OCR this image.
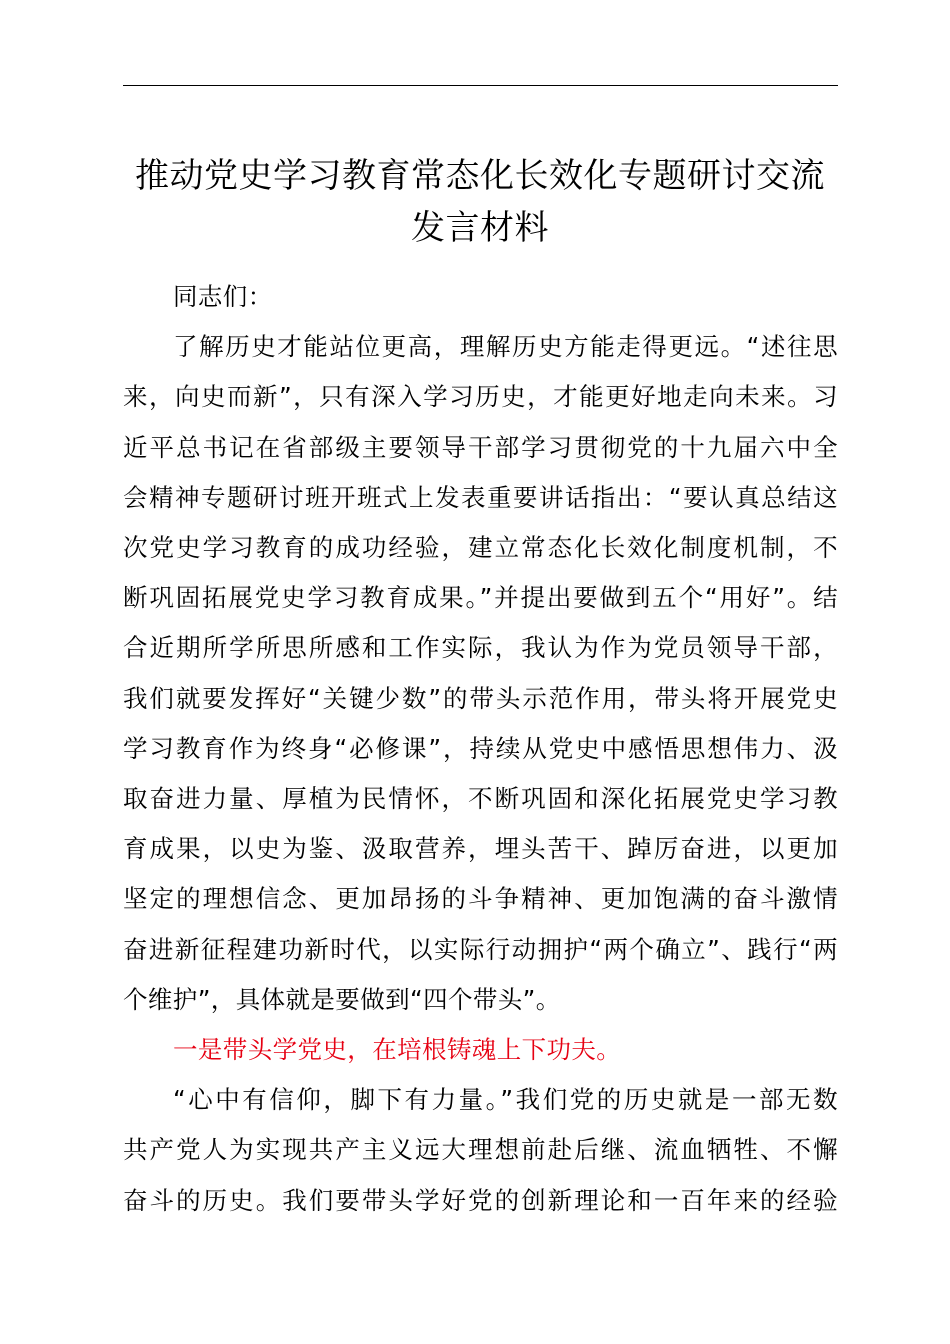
推动党史学习教育常态化长效化专题研讨交流
发言材料
同志们：
了解历史才能站位更高，理解历史方能走得更远。“述往思
来，向史而新”，只有深入学习历史，才能更好地走向未来。习
近平总书记在省部级主要领导干部学习贯彻党的十九届六中全
会精神专题研讨班开班式上发表重要讲话指出：“要认真总结这
次党史学习教育的成功经验，建立常态化长效化制度机制，不
断巩固拓展党史学习教育成果。”并提出要做到五个“用好”。结
合近期所学所思所感和工作实际，我认为作为党员领导干部，
我们就要发挥好“关键少数”的带头示范作用，带头将开展党史
学习教育作为终身“必修课”，持续从党史中感悟思想伟力、汲
取奋进力量、厚植为民情怀，不断巩固和深化拓展党史学习教
育成果，以史为鉴、汲取营养，埋头苦干、踔厉奋进，以更加
坚定的理想信念、更加昂扬的斗争精神、更加饱满的奋斗激情
奋进新征程建功新时代，以实际行动拥护“两个确立”、践行“两
个维护”，具体就是要做到“四个带头”。
一是带头学党史，在培根铸魂上下功夫。
“心中有信仰，脚下有力量。”我们党的历史就是一部无数
共产党人为实现共产主义远大理想前赴后继、流血牺牲、不懈
奋斗的历史。我们要带头学好党的创新理论和一百年来的经验
